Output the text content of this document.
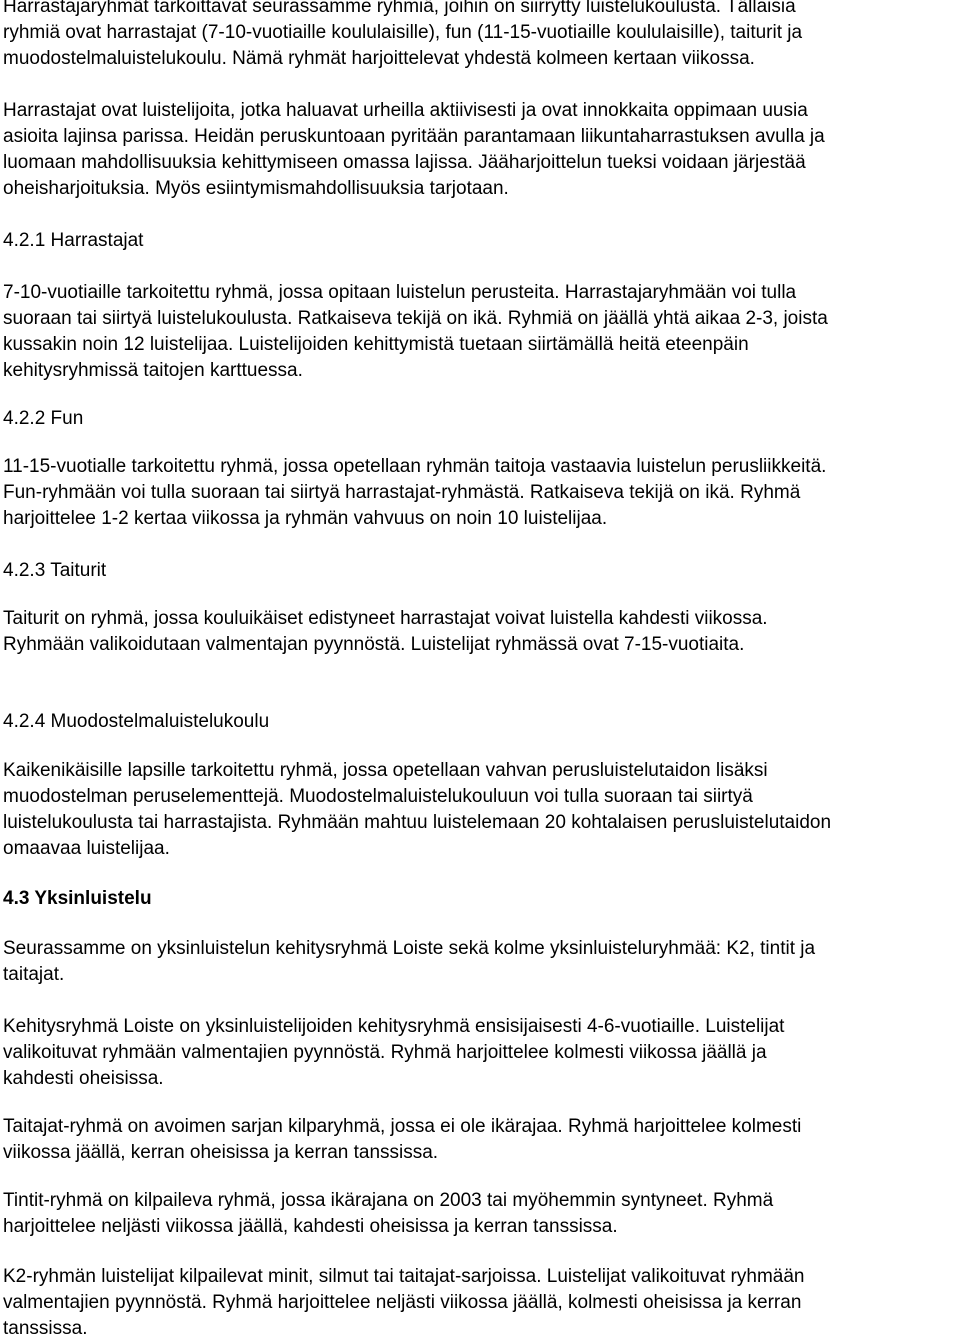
Harrastajaryhmät tarkoittavat seurassamme ryhmiä, joihin on siirrytty luistelukoulusta. Tällaisia
ryhmiä ovat harrastajat (7-10-vuotiaille koululaisille), fun (11-15-vuotiaille koululaisille), taiturit ja
muodostelmaluistelukoulu. Nämä ryhmät harjoittelevat yhdestä kolmeen kertaan viikossa.
Harrastajat ovat luistelijoita, jotka haluavat urheilla aktiivisesti ja ovat innokkaita oppimaan uusia
asioita lajinsa parissa. Heidän peruskuntoaan pyritään parantamaan liikuntaharrastuksen avulla ja
luomaan mahdollisuuksia kehittymiseen omassa lajissa. Jääharjoittelun tueksi voidaan järjestää
oheisharjoituksia. Myös esiintymismahdollisuuksia tarjotaan.
4.2.1 Harrastajat
7-10-vuotiaille tarkoitettu ryhmä, jossa opitaan luistelun perusteita. Harrastajaryhmään voi tulla
suoraan tai siirtyä luistelukoulusta. Ratkaiseva tekijä on ikä. Ryhmiä on jäällä yhtä aikaa 2-3, joista
kussakin noin 12 luistelijaa. Luistelijoiden kehittymistä tuetaan siirtämällä heitä eteenpäin
kehitysryhmissä taitojen karttuessa.
4.2.2 Fun
11-15-vuotialle tarkoitettu ryhmä, jossa opetellaan ryhmän taitoja vastaavia luistelun perusliikkeitä.
Fun-ryhmään voi tulla suoraan tai siirtyä harrastajat-ryhmästä. Ratkaiseva tekijä on ikä. Ryhmä
harjoittelee 1-2 kertaa viikossa ja ryhmän vahvuus on noin 10 luistelijaa.
4.2.3 Taiturit
Taiturit on ryhmä, jossa kouluikäiset edistyneet harrastajat voivat luistella kahdesti viikossa.
Ryhmään valikoidutaan valmentajan pyynnöstä. Luistelijat ryhmässä ovat 7-15-vuotiaita.
4.2.4 Muodostelmaluistelukoulu
Kaikenikäisille lapsille tarkoitettu ryhmä, jossa opetellaan vahvan perusluistelutaidon lisäksi
muodostelman peruselementtejä. Muodostelmaluistelukouluun voi tulla suoraan tai siirtyä
luistelukoulusta tai harrastajista. Ryhmään mahtuu luistelemaan 20 kohtalaisen perusluistelutaidon
omaavaa luistelijaa.
4.3 Yksinluistelu
Seurassamme on yksinluistelun kehitysryhmä Loiste sekä kolme yksinluisteluryhmää: K2, tintit ja
taitajat.
Kehitysryhmä Loiste on yksinluistelijoiden kehitysryhmä ensisijaisesti 4-6-vuotiaille. Luistelijat
valikoituvat ryhmään valmentajien pyynnöstä. Ryhmä harjoittelee kolmesti viikossa jäällä ja
kahdesti oheisissa.
Taitajat-ryhmä on avoimen sarjan kilparyhmä, jossa ei ole ikärajaa. Ryhmä harjoittelee kolmesti
viikossa jäällä, kerran oheisissa ja kerran tanssissa.
Tintit-ryhmä on kilpaileva ryhmä, jossa ikärajana on 2003 tai myöhemmin syntyneet. Ryhmä
harjoittelee neljästi viikossa jäällä, kahdesti oheisissa ja kerran tanssissa.
K2-ryhmän luistelijat kilpailevat minit, silmut tai taitajat-sarjoissa. Luistelijat valikoituvat ryhmään
valmentajien pyynnöstä. Ryhmä harjoittelee neljästi viikossa jäällä, kolmesti oheisissa ja kerran
tanssissa.
